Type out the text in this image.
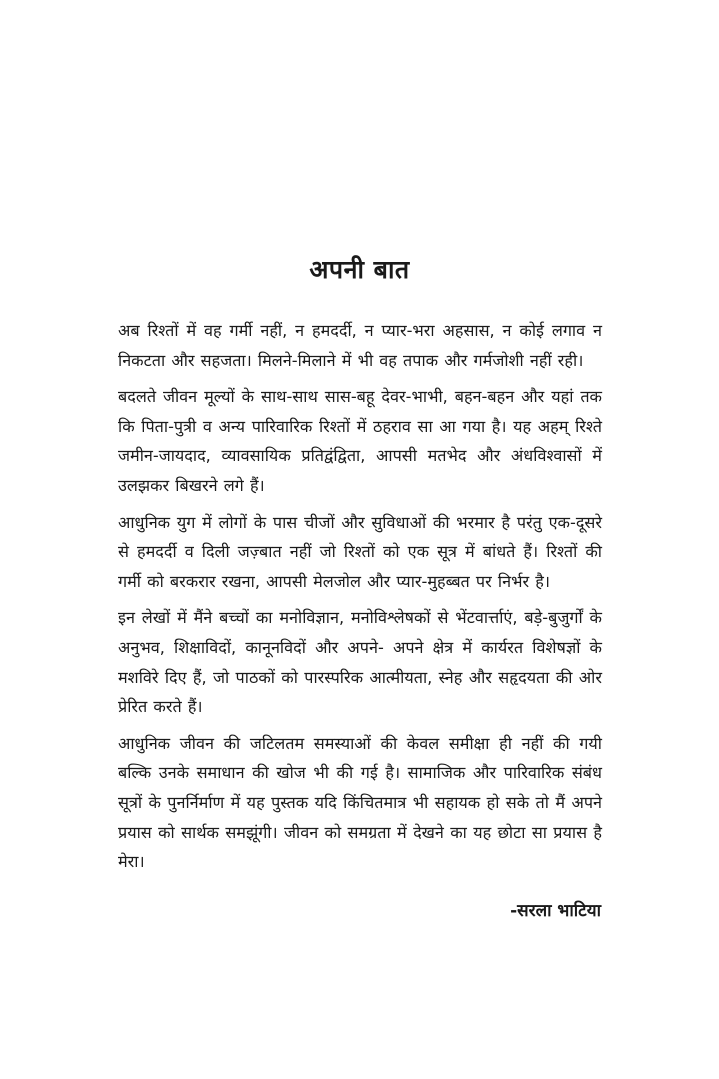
अपनी बात

अब रिश्तों में वह गर्मी नहीं, न हमदर्दी, न प्यार-भरा अहसास, न कोई लगाव न निकटता और सहजता। मिलने-मिलाने में भी वह तपाक और गर्मजोशी नहीं रही।

बदलते जीवन मूल्यों के साथ-साथ सास-बहू देवर-भाभी, बहन-बहन और यहां तक कि पिता-पुत्री व अन्य पारिवारिक रिश्तों में ठहराव सा आ गया है। यह अहम् रिश्ते जमीन-जायदाद, व्यावसायिक प्रतिद्वंद्विता, आपसी मतभेद और अंधविश्वासों में उलझकर बिखरने लगे हैं।

आधुनिक युग में लोगों के पास चीजों और सुविधाओं की भरमार है परंतु एक-दूसरे से हमदर्दी व दिली जज़्बात नहीं जो रिश्तों को एक सूत्र में बांधते हैं। रिश्तों की गर्मी को बरकरार रखना, आपसी मेलजोल और प्यार-मुहब्बत पर निर्भर है।

इन लेखों में मैंने बच्चों का मनोविज्ञान, मनोविश्लेषकों से भेंटवार्त्ताएं, बड़े-बुजुर्गों के अनुभव, शिक्षाविदों, कानूनविदों और अपने- अपने क्षेत्र में कार्यरत विशेषज्ञों के मशविरे दिए हैं, जो पाठकों को पारस्परिक आत्मीयता, स्नेह और सहृदयता की ओर प्रेरित करते हैं।

आधुनिक जीवन की जटिलतम समस्याओं की केवल समीक्षा ही नहीं की गयी बल्कि उनके समाधान की खोज भी की गई है। सामाजिक और पारिवारिक संबंध सूत्रों के पुनर्निर्माण में यह पुस्तक यदि किंचितमात्र भी सहायक हो सके तो मैं अपने प्रयास को सार्थक समझूंगी। जीवन को समग्रता में देखने का यह छोटा सा प्रयास है मेरा।

-सरला भाटिया
